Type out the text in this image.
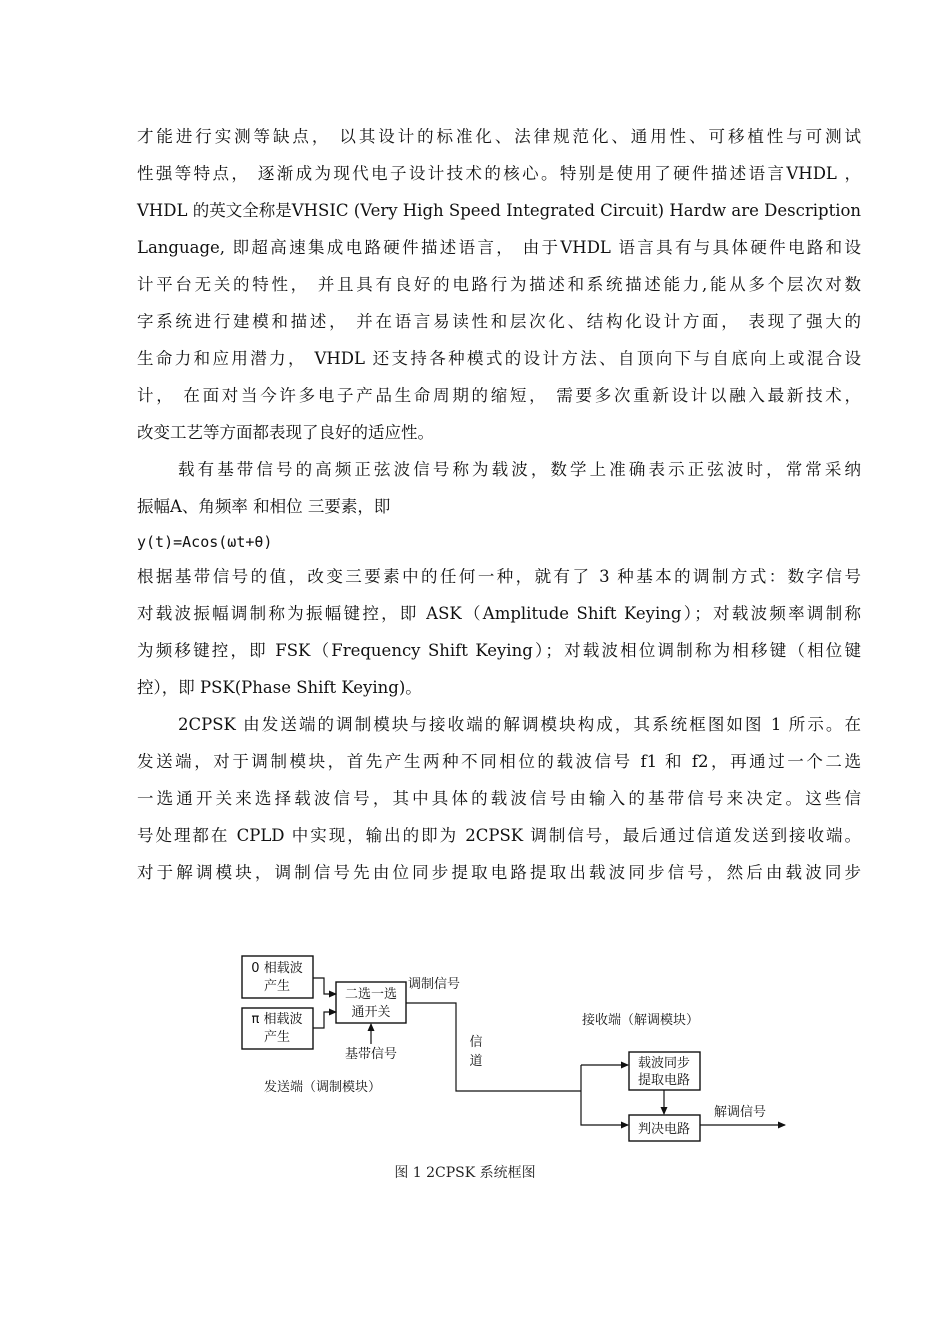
才能进行实测等缺点， 以其设计的标准化、法律规范化、通用性、可移植性与可测试
性强等特点， 逐渐成为现代电子设计技术的核心。特别是使用了硬件描述语言VHDL ，
VHDL 的英文全称是VHSIC (Very High Speed Integrated Circuit) Hardw are Description
Language, 即超高速集成电路硬件描述语言， 由于VHDL 语言具有与具体硬件电路和设
计平台无关的特性， 并且具有良好的电路行为描述和系统描述能力,能从多个层次对数
字系统进行建模和描述， 并在语言易读性和层次化、结构化设计方面， 表现了强大的
生命力和应用潜力， VHDL 还支持各种模式的设计方法、自顶向下与自底向上或混合设
计， 在面对当今许多电子产品生命周期的缩短， 需要多次重新设计以融入最新技术，
改变工艺等方面都表现了良好的适应性。
载有基带信号的高频正弦波信号称为载波，数学上准确表示正弦波时，常常采纳
振幅A、角频率 和相位 三要素，即
y(t)=Acos(ωt+θ)
根据基带信号的值，改变三要素中的任何一种，就有了 3 种基本的调制方式：数字信号
对载波振幅调制称为振幅键控，即 ASK（Amplitude Shift Keying）；对载波频率调制称
为频移键控，即 FSK（Frequency Shift Keying）；对载波相位调制称为相移键（相位键
控），即 PSK(Phase Shift Keying)。
2CPSK 由发送端的调制模块与接收端的解调模块构成，其系统框图如图 1 所示。在
发送端，对于调制模块，首先产生两种不同相位的载波信号 f1 和 f2，再通过一个二选
一选通开关来选择载波信号，其中具体的载波信号由输入的基带信号来决定。这些信
号处理都在 CPLD 中实现，输出的即为 2CPSK 调制信号，最后通过信道发送到接收端。
对于解调模块，调制信号先由位同步提取电路提取出载波同步信号，然后由载波同步
0 相载波
产生
π 相载波
产生
二选一选
通开关
基带信号
调制信号
信
道
发送端（调制模块）
接收端（解调模块）
载波同步
提取电路
判决电路
解调信号
图 1 2CPSK 系统框图
